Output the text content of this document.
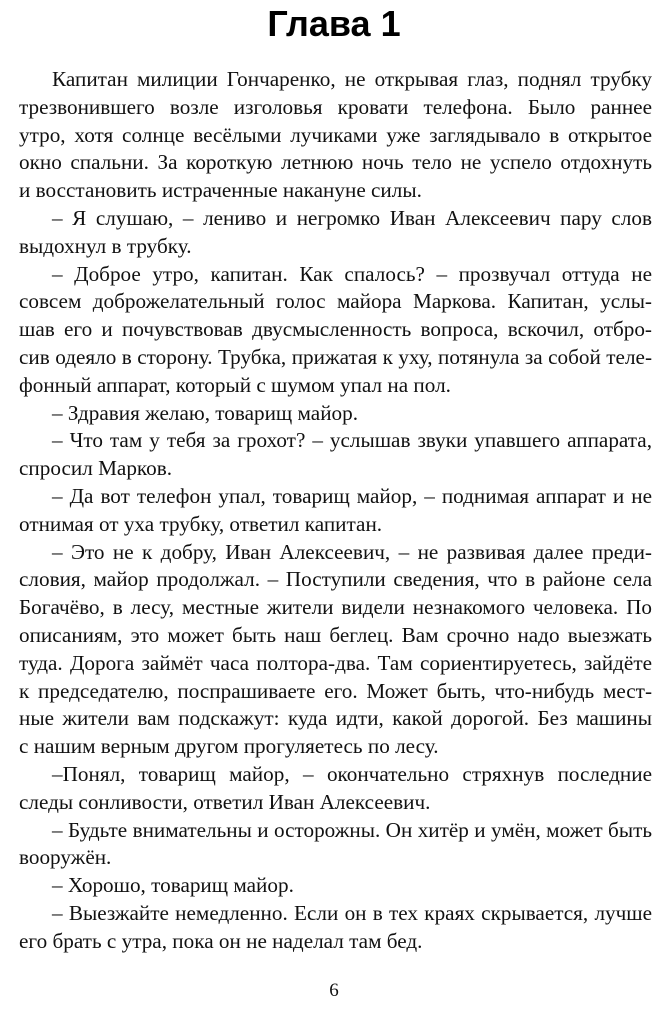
Глава 1
Капитан милиции Гончаренко, не открывая глаз, поднял трубку
трезвонившего возле изголовья кровати телефона. Было раннее
утро, хотя солнце весёлыми лучиками уже заглядывало в открытое
окно спальни. За короткую летнюю ночь тело не успело отдохнуть
и восстановить истраченные накануне силы.
– Я слушаю, – лениво и негромко Иван Алексеевич пару слов
выдохнул в трубку.
– Доброе утро, капитан. Как спалось? – прозвучал оттуда не
совсем доброжелательный голос майора Маркова. Капитан, услы-
шав его и почувствовав двусмысленность вопроса, вскочил, отбро-
сив одеяло в сторону. Трубка, прижатая к уху, потянула за собой теле-
фонный аппарат, который с шумом упал на пол.
– Здравия желаю, товарищ майор.
– Что там у тебя за грохот? – услышав звуки упавшего аппарата,
спросил Марков.
– Да вот телефон упал, товарищ майор, – поднимая аппарат и не
отнимая от уха трубку, ответил капитан.
– Это не к добру, Иван Алексеевич, – не развивая далее преди-
словия, майор продолжал. – Поступили сведения, что в районе села
Богачёво, в лесу, местные жители видели незнакомого человека. По
описаниям, это может быть наш беглец. Вам срочно надо выезжать
туда. Дорога займёт часа полтора-два. Там сориентируетесь, зайдёте
к председателю, поспрашиваете его. Может быть, что-нибудь мест-
ные жители вам подскажут: куда идти, какой дорогой. Без машины
с нашим верным другом прогуляетесь по лесу.
–Понял, товарищ майор, – окончательно стряхнув последние
следы сонливости, ответил Иван Алексеевич.
– Будьте внимательны и осторожны. Он хитёр и умён, может быть
вооружён.
– Хорошо, товарищ майор.
– Выезжайте немедленно. Если он в тех краях скрывается, лучше
его брать с утра, пока он не наделал там бед.
6
